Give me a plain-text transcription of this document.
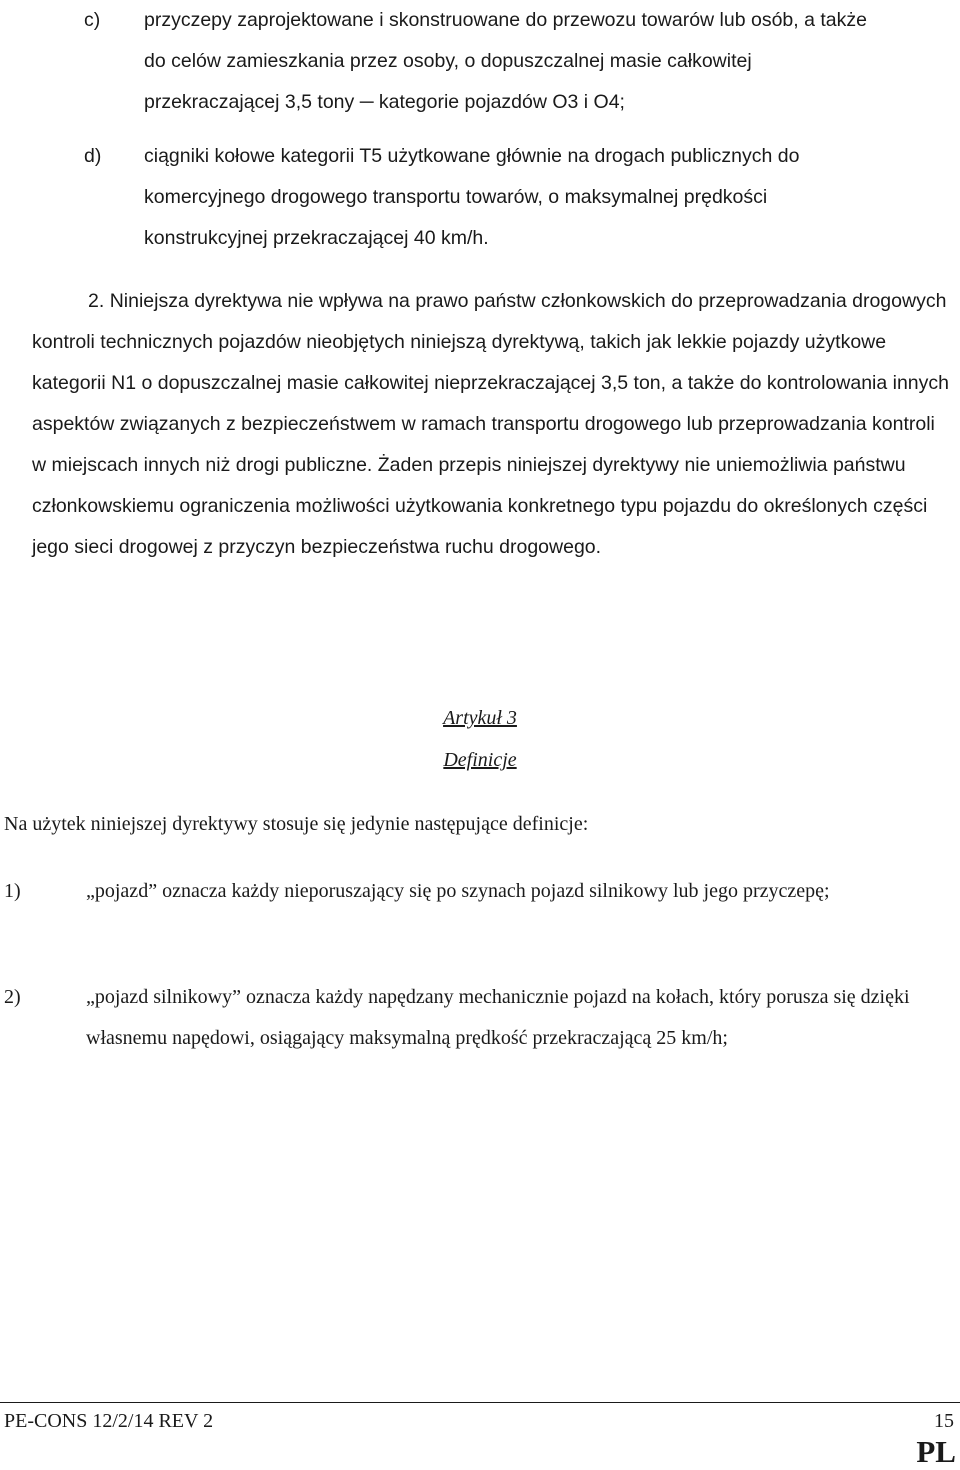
c) przyczepy zaprojektowane i skonstruowane do przewozu towarów lub osób, a także
do celów zamieszkania przez osoby, o dopuszczalnej masie całkowitej
przekraczającej 3,5 tony ─ kategorie pojazdów O3 i O4;
d) ciągniki kołowe kategorii T5 użytkowane głównie na drogach publicznych do
komercyjnego drogowego transportu towarów, o maksymalnej prędkości
konstrukcyjnej przekraczającej 40 km/h.

2. Niniejsza dyrektywa nie wpływa na prawo państw członkowskich do przeprowadzania drogowych kontroli technicznych pojazdów nieobjętych niniejszą dyrektywą, takich jak lekkie pojazdy użytkowe kategorii N1 o dopuszczalnej masie całkowitej nieprzekraczającej 3,5 ton, a także do kontrolowania innych aspektów związanych z bezpieczeństwem w ramach transportu drogowego lub przeprowadzania kontroli w miejscach innych niż drogi publiczne. Żaden przepis niniejszej dyrektywy nie uniemożliwia państwu członkowskiemu ograniczenia możliwości użytkowania konkretnego typu pojazdu do określonych części jego sieci drogowej z przyczyn bezpieczeństwa ruchu drogowego.

Artykuł 3
Definicje
Na użytek niniejszej dyrektywy stosuje się jedynie następujące definicje:
1)	„pojazd” oznacza każdy nieporuszający się po szynach pojazd silnikowy lub jego przyczepę;
2)	„pojazd silnikowy” oznacza każdy napędzany mechanicznie pojazd na kołach, który porusza się dzięki własnemu napędowi, osiągający maksymalną prędkość przekraczającą 25 km/h;
PE-CONS 12/2/14 REV 2	15
PL
